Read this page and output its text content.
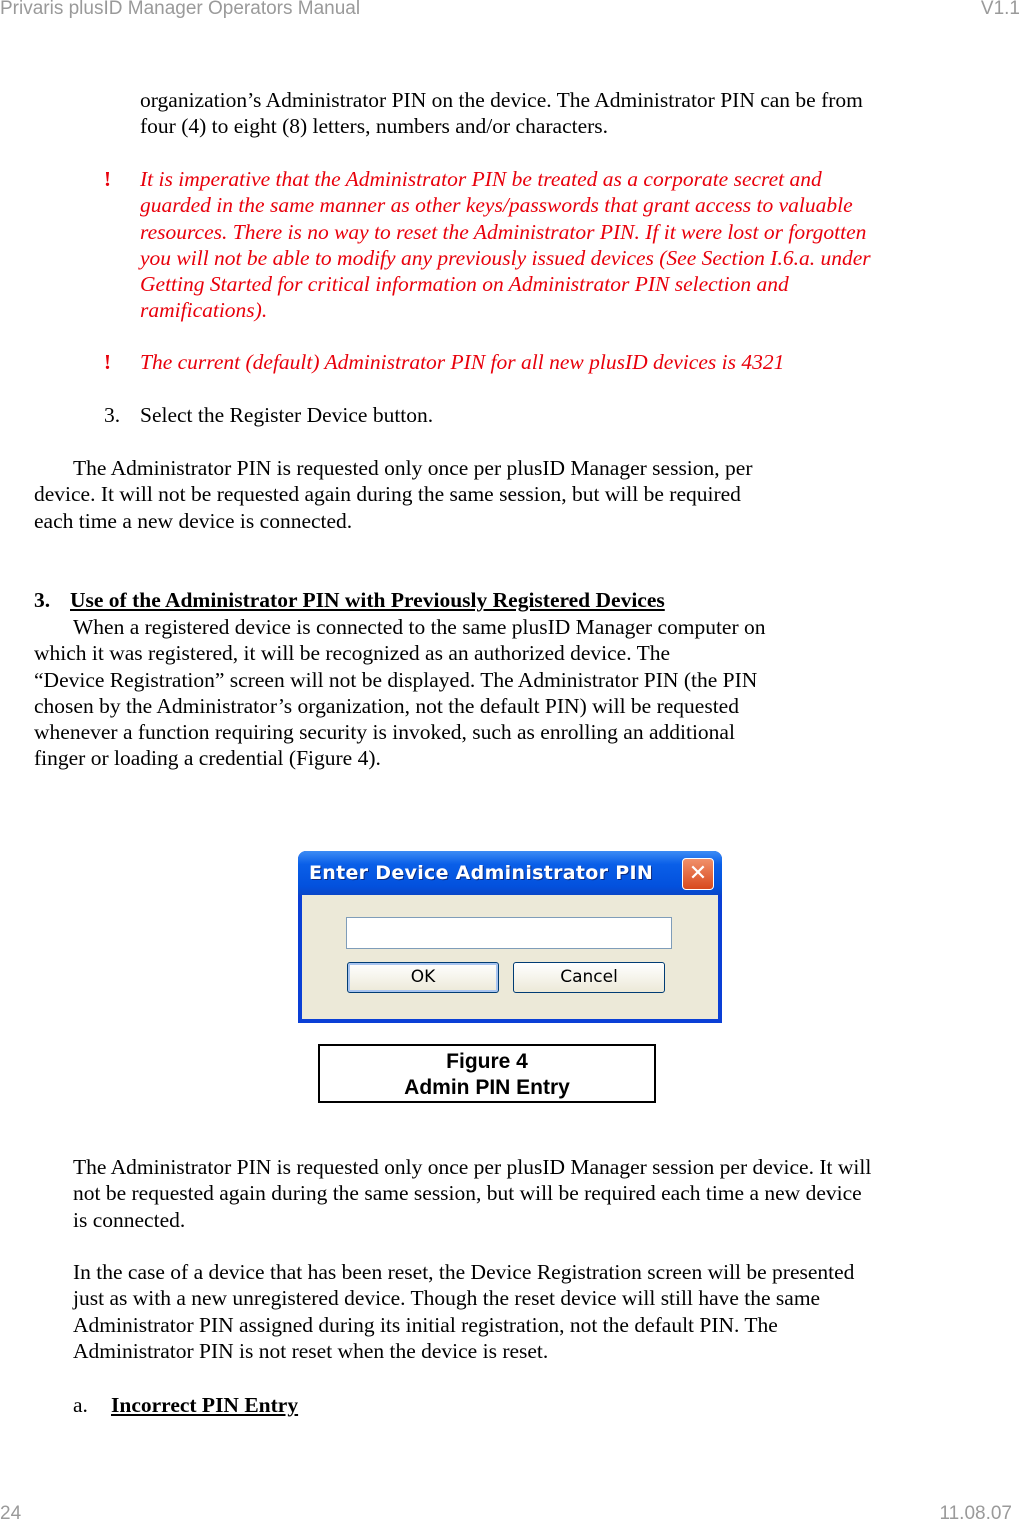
Privaris plusID Manager Operators Manual	V1.1
organization’s Administrator PIN on the device. The Administrator PIN can be from
four (4) to eight (8) letters, numbers and/or characters.
! It is imperative that the Administrator PIN be treated as a corporate secret and
guarded in the same manner as other keys/passwords that grant access to valuable
resources. There is no way to reset the Administrator PIN. If it were lost or forgotten
you will not be able to modify any previously issued devices (See Section I.6.a. under
Getting Started for critical information on Administrator PIN selection and
ramifications).
! The current (default) Administrator PIN for all new plusID devices is 4321
3. Select the Register Device button.
The Administrator PIN is requested only once per plusID Manager session, per
device. It will not be requested again during the same session, but will be required
each time a new device is connected.
3. Use of the Administrator PIN with Previously Registered Devices
When a registered device is connected to the same plusID Manager computer on
which it was registered, it will be recognized as an authorized device. The
“Device Registration” screen will not be displayed. The Administrator PIN (the PIN
chosen by the Administrator’s organization, not the default PIN) will be requested
whenever a function requiring security is invoked, such as enrolling an additional
finger or loading a credential (Figure 4).
Enter Device Administrator PIN	✕
OK	Cancel
Figure 4
Admin PIN Entry
The Administrator PIN is requested only once per plusID Manager session per device. It will
not be requested again during the same session, but will be required each time a new device
is connected.
In the case of a device that has been reset, the Device Registration screen will be presented
just as with a new unregistered device. Though the reset device will still have the same
Administrator PIN assigned during its initial registration, not the default PIN. The
Administrator PIN is not reset when the device is reset.
a. Incorrect PIN Entry
24	11.08.07
